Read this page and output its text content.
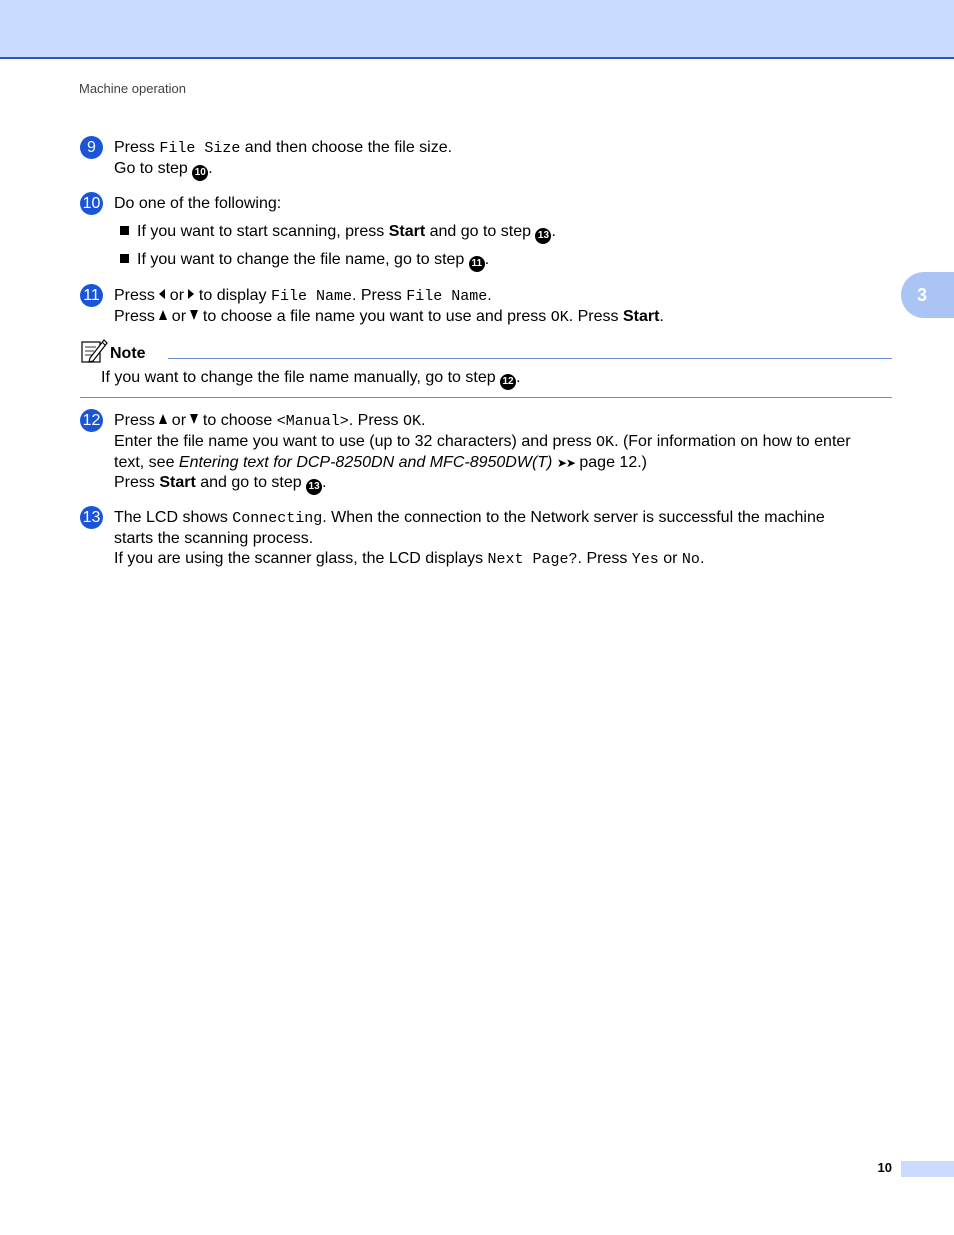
Machine operation
3
9	Press File Size and then choose the file size.
Go to step 10 .
10 Do one of the following:
If you want to start scanning, press Start and go to step 13 .
If you want to change the file name, go to step 11 .
11 Press  or  to display File Name. Press File Name.
Press  or  to choose a file name you want to use and press OK. Press Start.
Note
If you want to change the file name manually, go to step 12 .
12 Press  or  to choose <Manual>. Press OK.
Enter the file name you want to use (up to 32 characters) and press OK. (For information on how to enter
text, see Entering text for DCP-8250DN and MFC-8950DW(T) ➤➤ page 12.)
Press Start and go to step 13 .
13 The LCD shows Connecting. When the connection to the Network server is successful the machine
starts the scanning process.
If you are using the scanner glass, the LCD displays Next Page?. Press Yes or No.
10
